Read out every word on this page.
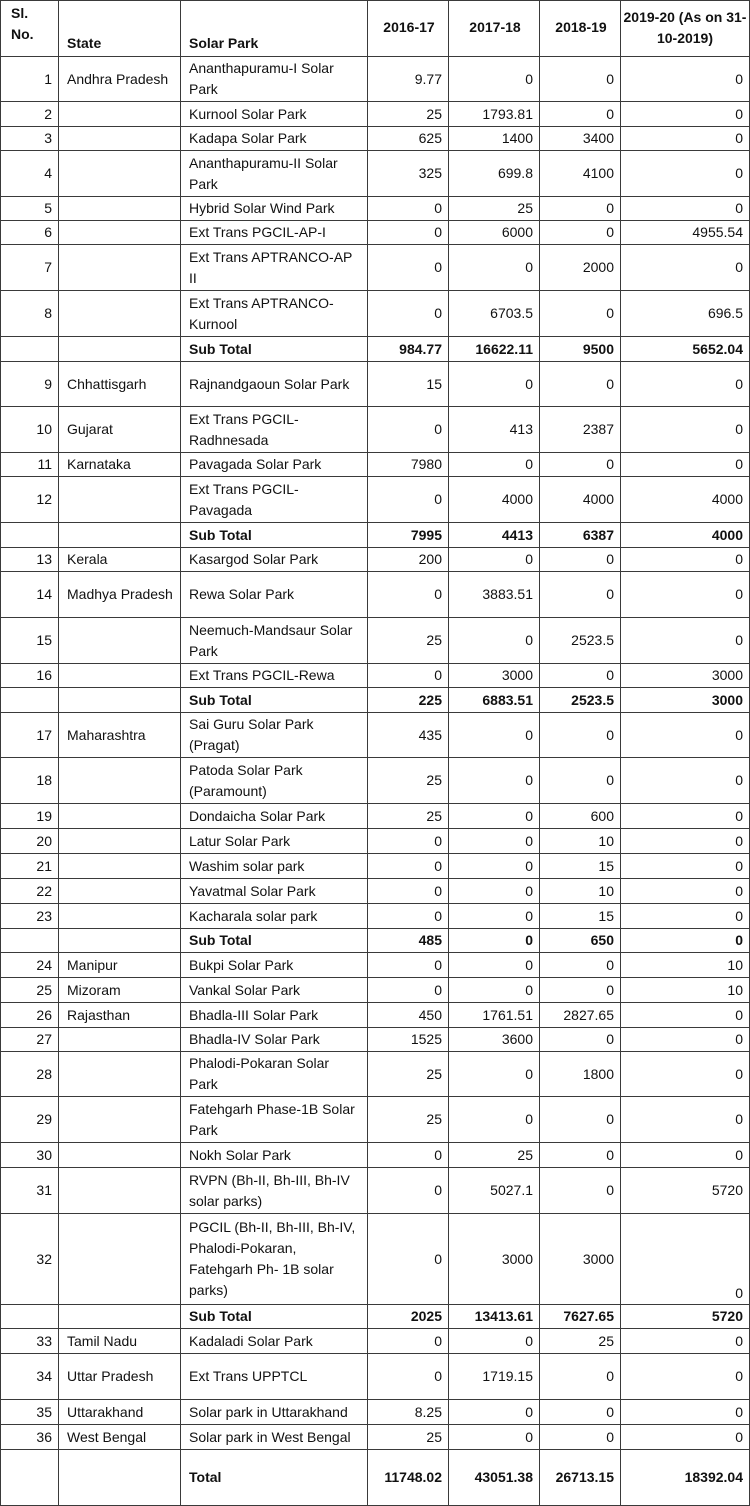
Sl. No.	State	Solar Park	2016-17	2017-18	2018-19	2019-20 (As on 31-10-2019)
1	Andhra Pradesh	Ananthapuramu-I Solar Park	9.77	0	0	0
2		Kurnool Solar Park	25	1793.81	0	0
3		Kadapa Solar Park	625	1400	3400	0
4		Ananthapuramu-II Solar Park	325	699.8	4100	0
5		Hybrid Solar Wind Park	0	25	0	0
6		Ext Trans PGCIL-AP-I	0	6000	0	4955.54
7		Ext Trans APTRANCO-AP II	0	0	2000	0
8		Ext Trans APTRANCO-Kurnool	0	6703.5	0	696.5
		Sub Total	984.77	16622.11	9500	5652.04
9	Chhattisgarh	Rajnandgaoun Solar Park	15	0	0	0
10	Gujarat	Ext Trans PGCIL-Radhnesada	0	413	2387	0
11	Karnataka	Pavagada Solar Park	7980	0	0	0
12		Ext Trans PGCIL-Pavagada	0	4000	4000	4000
		Sub Total	7995	4413	6387	4000
13	Kerala	Kasargod Solar Park	200	0	0	0
14	Madhya Pradesh	Rewa Solar Park	0	3883.51	0	0
15		Neemuch-Mandsaur Solar Park	25	0	2523.5	0
16		Ext Trans PGCIL-Rewa	0	3000	0	3000
		Sub Total	225	6883.51	2523.5	3000
17	Maharashtra	Sai Guru Solar Park (Pragat)	435	0	0	0
18		Patoda Solar Park (Paramount)	25	0	0	0
19		Dondaicha Solar Park	25	0	600	0
20		Latur Solar Park	0	0	10	0
21		Washim solar park	0	0	15	0
22		Yavatmal Solar Park	0	0	10	0
23		Kacharala solar park	0	0	15	0
		Sub Total	485	0	650	0
24	Manipur	Bukpi Solar Park	0	0	0	10
25	Mizoram	Vankal Solar Park	0	0	0	10
26	Rajasthan	Bhadla-III Solar Park	450	1761.51	2827.65	0
27		Bhadla-IV Solar Park	1525	3600	0	0
28		Phalodi-Pokaran Solar Park	25	0	1800	0
29		Fatehgarh Phase-1B Solar Park	25	0	0	0
30		Nokh Solar Park	0	25	0	0
31		RVPN (Bh-II, Bh-III, Bh-IV solar parks)	0	5027.1	0	5720
32		PGCIL (Bh-II, Bh-III, Bh-IV, Phalodi-Pokaran, Fatehgarh Ph- 1B solar parks)	0	3000	3000	0
		Sub Total	2025	13413.61	7627.65	5720
33	Tamil Nadu	Kadaladi Solar Park	0	0	25	0
34	Uttar Pradesh	Ext Trans UPPTCL	0	1719.15	0	0
35	Uttarakhand	Solar park in Uttarakhand	8.25	0	0	0
36	West Bengal	Solar park in West Bengal	25	0	0	0
		Total	11748.02	43051.38	26713.15	18392.04
